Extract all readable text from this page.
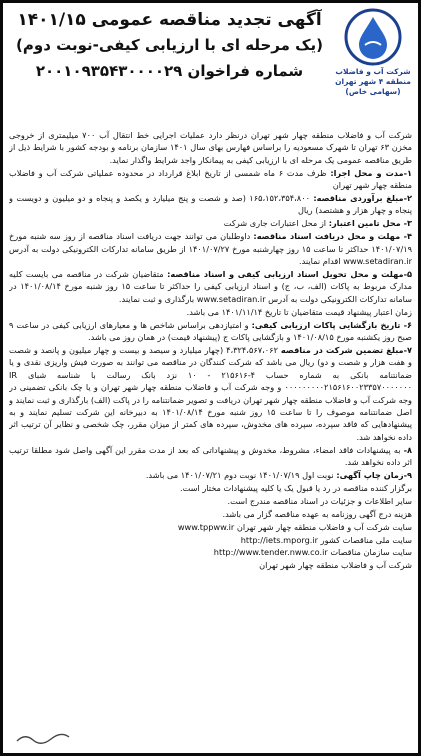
شرکت آب و فاضلاب
منطقه ۴ شهر تهران
(سهامی خاص)
آگهی تجدید مناقصه عمومی ۱۴۰۱/۱۵
(یک مرحله ای با ارزیابی کیفی-نوبت دوم)
شماره فراخوان ۲۰۰۱۰۹۳۵۴۳۰۰۰۰۲۹
شرکت آب و فاضلاب منطقه چهار شهر تهران درنظر دارد عملیات اجرایی خط انتقال آب ۷۰۰ میلیمتری از خروجی مخزن ۶۳ تهران تا شهرک مسعودیه را براساس فهارس بهای سال ۱۴۰۱ سازمان برنامه و بودجه کشور با شرایط ذیل از طریق مناقصه عمومی یک مرحله ای با ارزیابی کیفی به پیمانکار واجد شرایط واگذار نماید.
۱-مدت و محل اجرا: ظرف مدت ۶ ماه شمسی از تاریخ ابلاغ قرارداد در محدوده عملیاتی شرکت آب و فاضلاب منطقه چهار شهر تهران
۲-مبلغ برآوردی مناقصه: ۱۶۵،۱۵۲،۳۵۴،۸۰۰ (صد و شصت و پنج میلیارد و یکصد و پنجاه و دو میلیون و دویست و پنجاه و چهار هزار و هشتصد) ریال
۳- محل تامین اعتبار: از محل اعتبارات جاری شرکت
۴- مهلت و محل دریافت اسناد مناقصه: داوطلبان می توانند جهت دریافت اسناد مناقصه از روز سه شنبه مورخ ۱۴۰۱/۰۷/۱۹ حداکثر تا ساعت ۱۵ روز چهارشنبه مورخ ۱۴۰۱/۰۷/۲۷ از طریق سامانه تدارکات الکترونیکی دولت به آدرس www.setadiran.ir اقدام نمایند.
۵-مهلت و محل تحویل اسناد ارزیابی کیفی و اسناد مناقصه: متقاضیان شرکت در مناقصه می بایست کلیه مدارک مربوط به پاکات (الف، ب، ج) و اسناد ارزیابی کیفی را حداکثر تا ساعت ۱۵ روز شنبه مورخ ۱۴۰۱/۰۸/۱۴ در سامانه تدارکات الکترونیکی دولت به آدرس www.setadiran.ir بارگذاری و ثبت نمایند.
زمان اعتبار پیشنهاد قیمت متقاضیان تا تاریخ ۱۴۰۱/۱۱/۱۴ می باشد.
۶- تاریخ بازگشایی پاکات ارزیابی کیفی: و امتیازدهی براساس شاخص ها و معیارهای ارزیابی کیفی در ساعت ۹ صبح روز یکشنبه مورخ ۱۴۰۱/۰۸/۱۵ و بازگشایی پاکات ج (پیشنهاد قیمت) در همان روز می باشد.
۷-مبلغ تضمین شرکت در مناقصه ۴،۳۲۴،۵۶۷،۰۶۲ (چهار میلیارد و سیصد و بیست و چهار میلیون و پانصد و شصت و هفت هزار و شصت و دو) ریال می باشد که شرکت کنندگان در مناقصه می توانند به صورت فیش واریزی نقدی و یا ضمانتنامه بانکی به شماره حساب ۴-۲۱۵۶۱۶ - ۱۰ نزد بانک رسالت با شناسه شبای IR ۰۰۰۰۰۰۰۰۰۲۱۵۶۱۶۰۰۲۳۳۵۷۰۰۰۰۰۰۰ و وجه شرکت آب و فاضلاب منطقه چهار شهر تهران و یا چک بانکی تضمینی در وجه شرکت آب و فاضلاب منطقه چهار شهر تهران دریافت و تصویر ضمانتنامه را در پاکت (الف) بارگذاری و ثبت نمایند و اصل ضمانتنامه موصوف را تا ساعت ۱۵ روز شنبه مورخ ۱۴۰۱/۰۸/۱۴ به دبیرخانه این شرکت تسلیم نمایند و به پیشنهادهایی که فاقد سپرده، سپرده های مخدوش، سپرده های کمتر از میزان مقرر، چک شخصی و نظایر آن ترتیب اثر داده نخواهد شد.
۸- به پیشنهادات فاقد امضاء، مشروط، مخدوش و پیشنهاداتی که بعد از مدت مقرر این آگهی واصل شود مطلقا ترتیب اثر داده نخواهد شد.
۹-زمان چاپ آگهی: نوبت اول ۱۴۰۱/۰۷/۱۹ نوبت دوم ۱۴۰۱/۰۷/۲۱ می باشد.
برگزار کننده مناقصه در رد یا قبول یک یا کلیه پیشنهادات مختار است.
سایر اطلاعات و جزئیات در اسناد مناقصه مندرج است.
هزینه درج آگهی روزنامه به عهده مناقصه گزار می باشد.
سایت شرکت آب و فاضلاب منطقه چهار شهر تهران www.tppww.ir
سایت ملی مناقصات کشور http://iets.mporg.ir
سایت سازمان مناقصات http://www.tender.nww.co.ir
شرکت آب و فاضلاب منطقه چهار شهر تهران
